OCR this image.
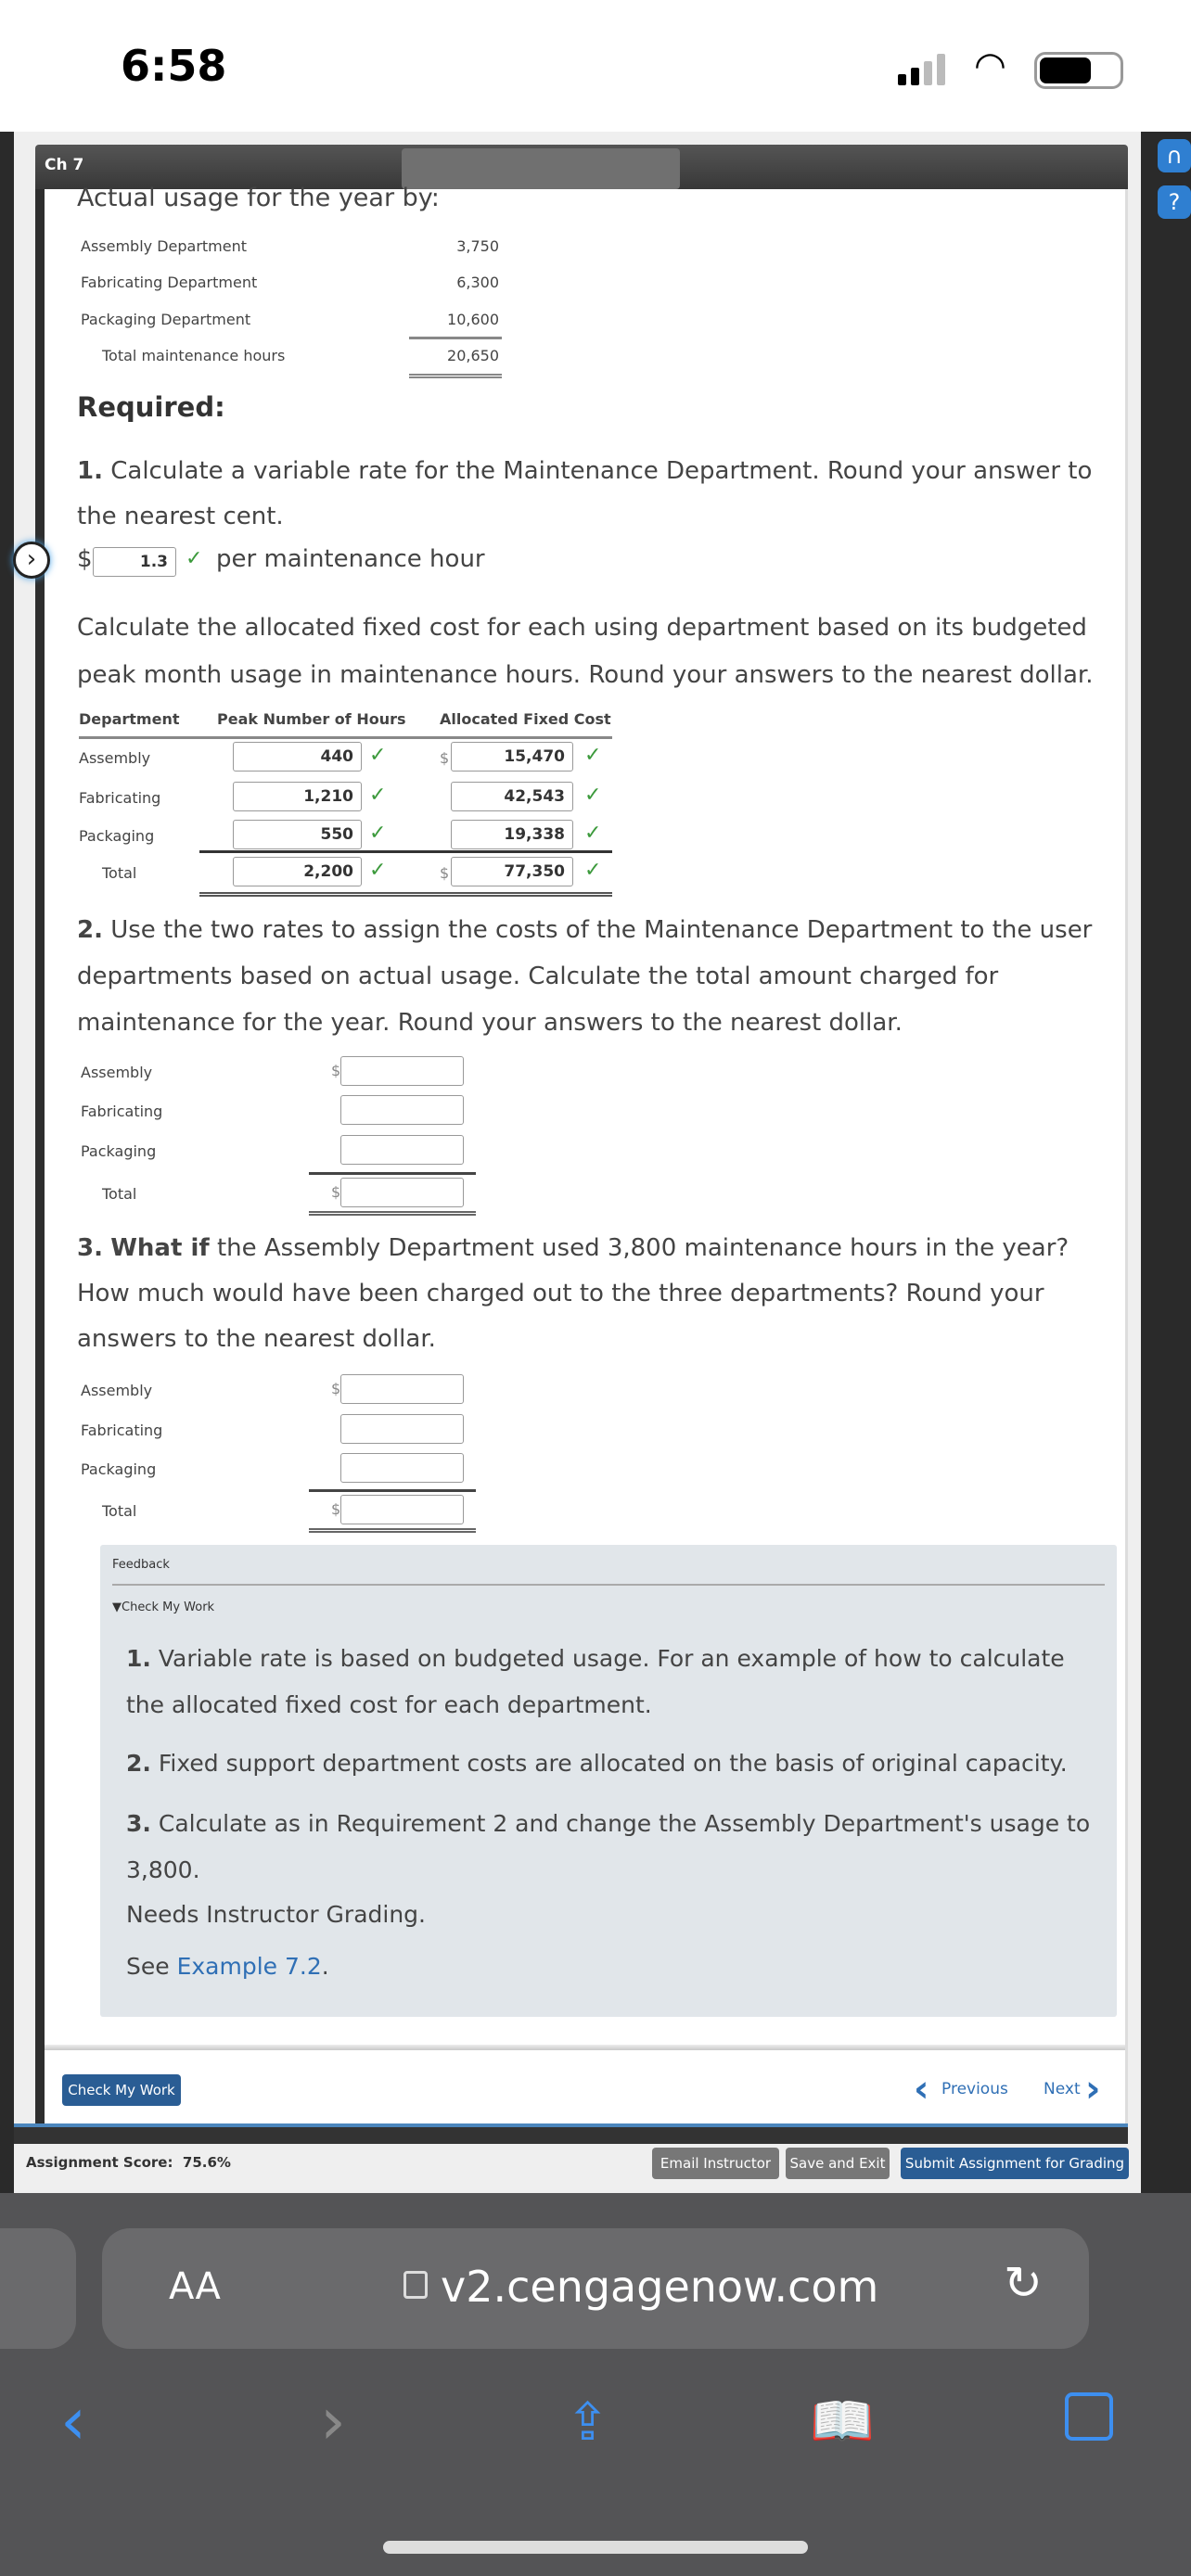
6:58	◠
∩
?
Ch 7
Actual usage for the year by:
Assembly Department	3,750
Fabricating Department	6,300
Packaging Department	10,600
Total maintenance hours	20,650
Required:
1. Calculate a variable rate for the Maintenance Department. Round your answer to the nearest cent.
›	$	1.3 ✓ per maintenance hour
Calculate the allocated fixed cost for each using department based on its budgeted peak month usage in maintenance hours. Round your answers to the nearest dollar.
Department	Peak Number of Hours Allocated Fixed Cost
Assembly	440 ✓	$	15,470 ✓
Fabricating	1,210 ✓	42,543 ✓
Packaging	550 ✓	19,338 ✓
Total	2,200 ✓	$	77,350 ✓
2. Use the two rates to assign the costs of the Maintenance Department to the user departments based on actual usage. Calculate the total amount charged for maintenance for the year. Round your answers to the nearest dollar.
Assembly	$
Fabricating
Packaging
Total	$
3. What if the Assembly Department used 3,800 maintenance hours in the year? How much would have been charged out to the three departments? Round your answers to the nearest dollar.
Assembly	$
Fabricating
Packaging
Total	$
Feedback
▼Check My Work
1. Variable rate is based on budgeted usage. For an example of how to calculate the allocated fixed cost for each department.
2. Fixed support department costs are allocated on the basis of original capacity.
3. Calculate as in Requirement 2 and change the Assembly Department's usage to 3,800.
Needs Instructor Grading.
See Example 7.2.
Check My Work	‹ Previous Next ›
Assignment Score: 75.6%	Email Instructor	Save and Exit	Submit Assignment for Grading
AA	v2.cengagenow.com	↻
‹	›	⇪	📖
